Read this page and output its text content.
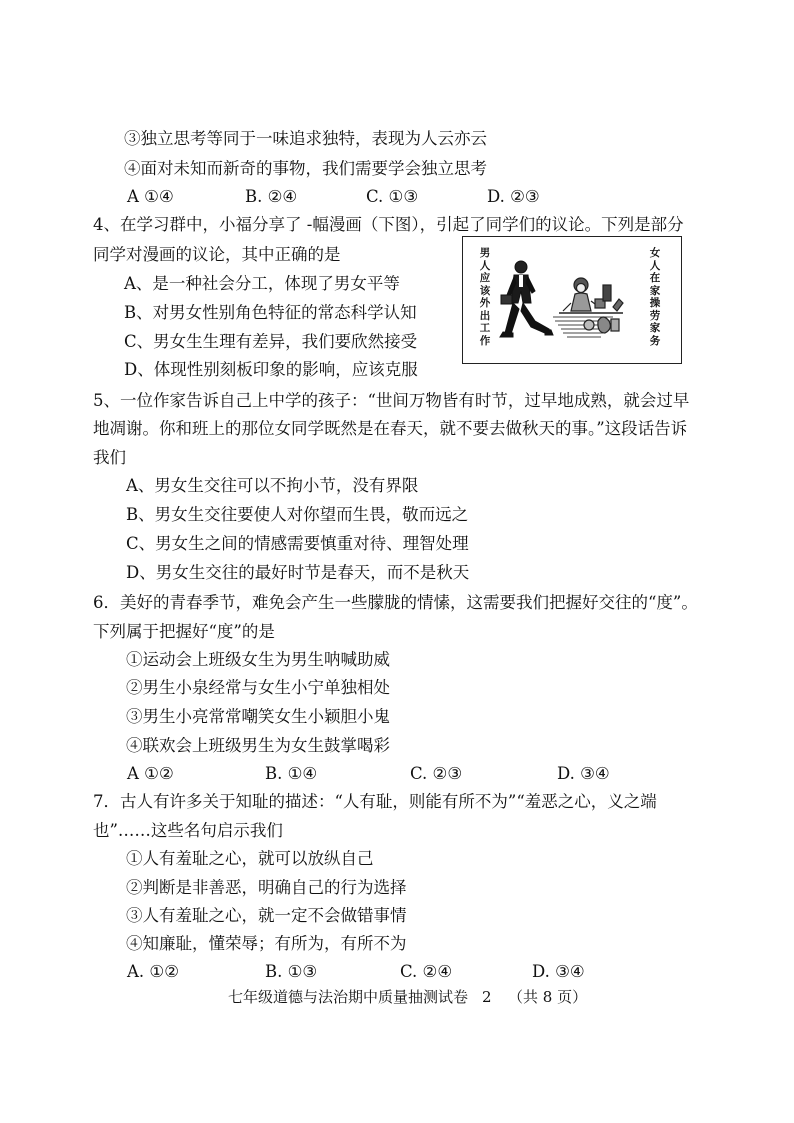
③独立思考等同于一味追求独特，表现为人云亦云
④面对未知而新奇的事物，我们需要学会独立思考
A ①④	B. ②④	C. ①③	D. ②③
4、在学习群中，小福分享了 -幅漫画（下图），引起了同学们的议论。下列是部分
同学对漫画的议论，其中正确的是
A、是一种社会分工，体现了男女平等
B、对男女性别角色特征的常态科学认知
C、男女生生理有差异，我们要欣然接受
D、体现性别刻板印象的影响，应该克服
男人应该外出工作
女人在家操劳家务
5、一位作家告诉自己上中学的孩子：“世间万物皆有时节，过早地成熟，就会过早
地凋谢。你和班上的那位女同学既然是在春天，就不要去做秋天的事。”这段话告诉
我们
A、男女生交往可以不拘小节，没有界限
B、男女生交往要使人对你望而生畏，敬而远之
C、男女生之间的情感需要慎重对待、理智处理
D、男女生交往的最好时节是春天，而不是秋天
6．美好的青春季节，难免会产生一些朦胧的情愫，这需要我们把握好交往的“度”。
下列属于把握好“度”的是
①运动会上班级女生为男生呐喊助威
②男生小泉经常与女生小宁单独相处
③男生小亮常常嘲笑女生小颖胆小鬼
④联欢会上班级男生为女生鼓掌喝彩
A ①②	B. ①④	C. ②③	D. ③④
7．古人有许多关于知耻的描述：“人有耻，则能有所不为”“羞恶之心，义之端
也”……这些名句启示我们
①人有羞耻之心，就可以放纵自己
②判断是非善恶，明确自己的行为选择
③人有羞耻之心，就一定不会做错事情
④知廉耻，懂荣辱；有所为，有所不为
A. ①②	B. ①③	C. ②④	D. ③④
七年级道德与法治期中质量抽测试卷 2 （共 8 页）
